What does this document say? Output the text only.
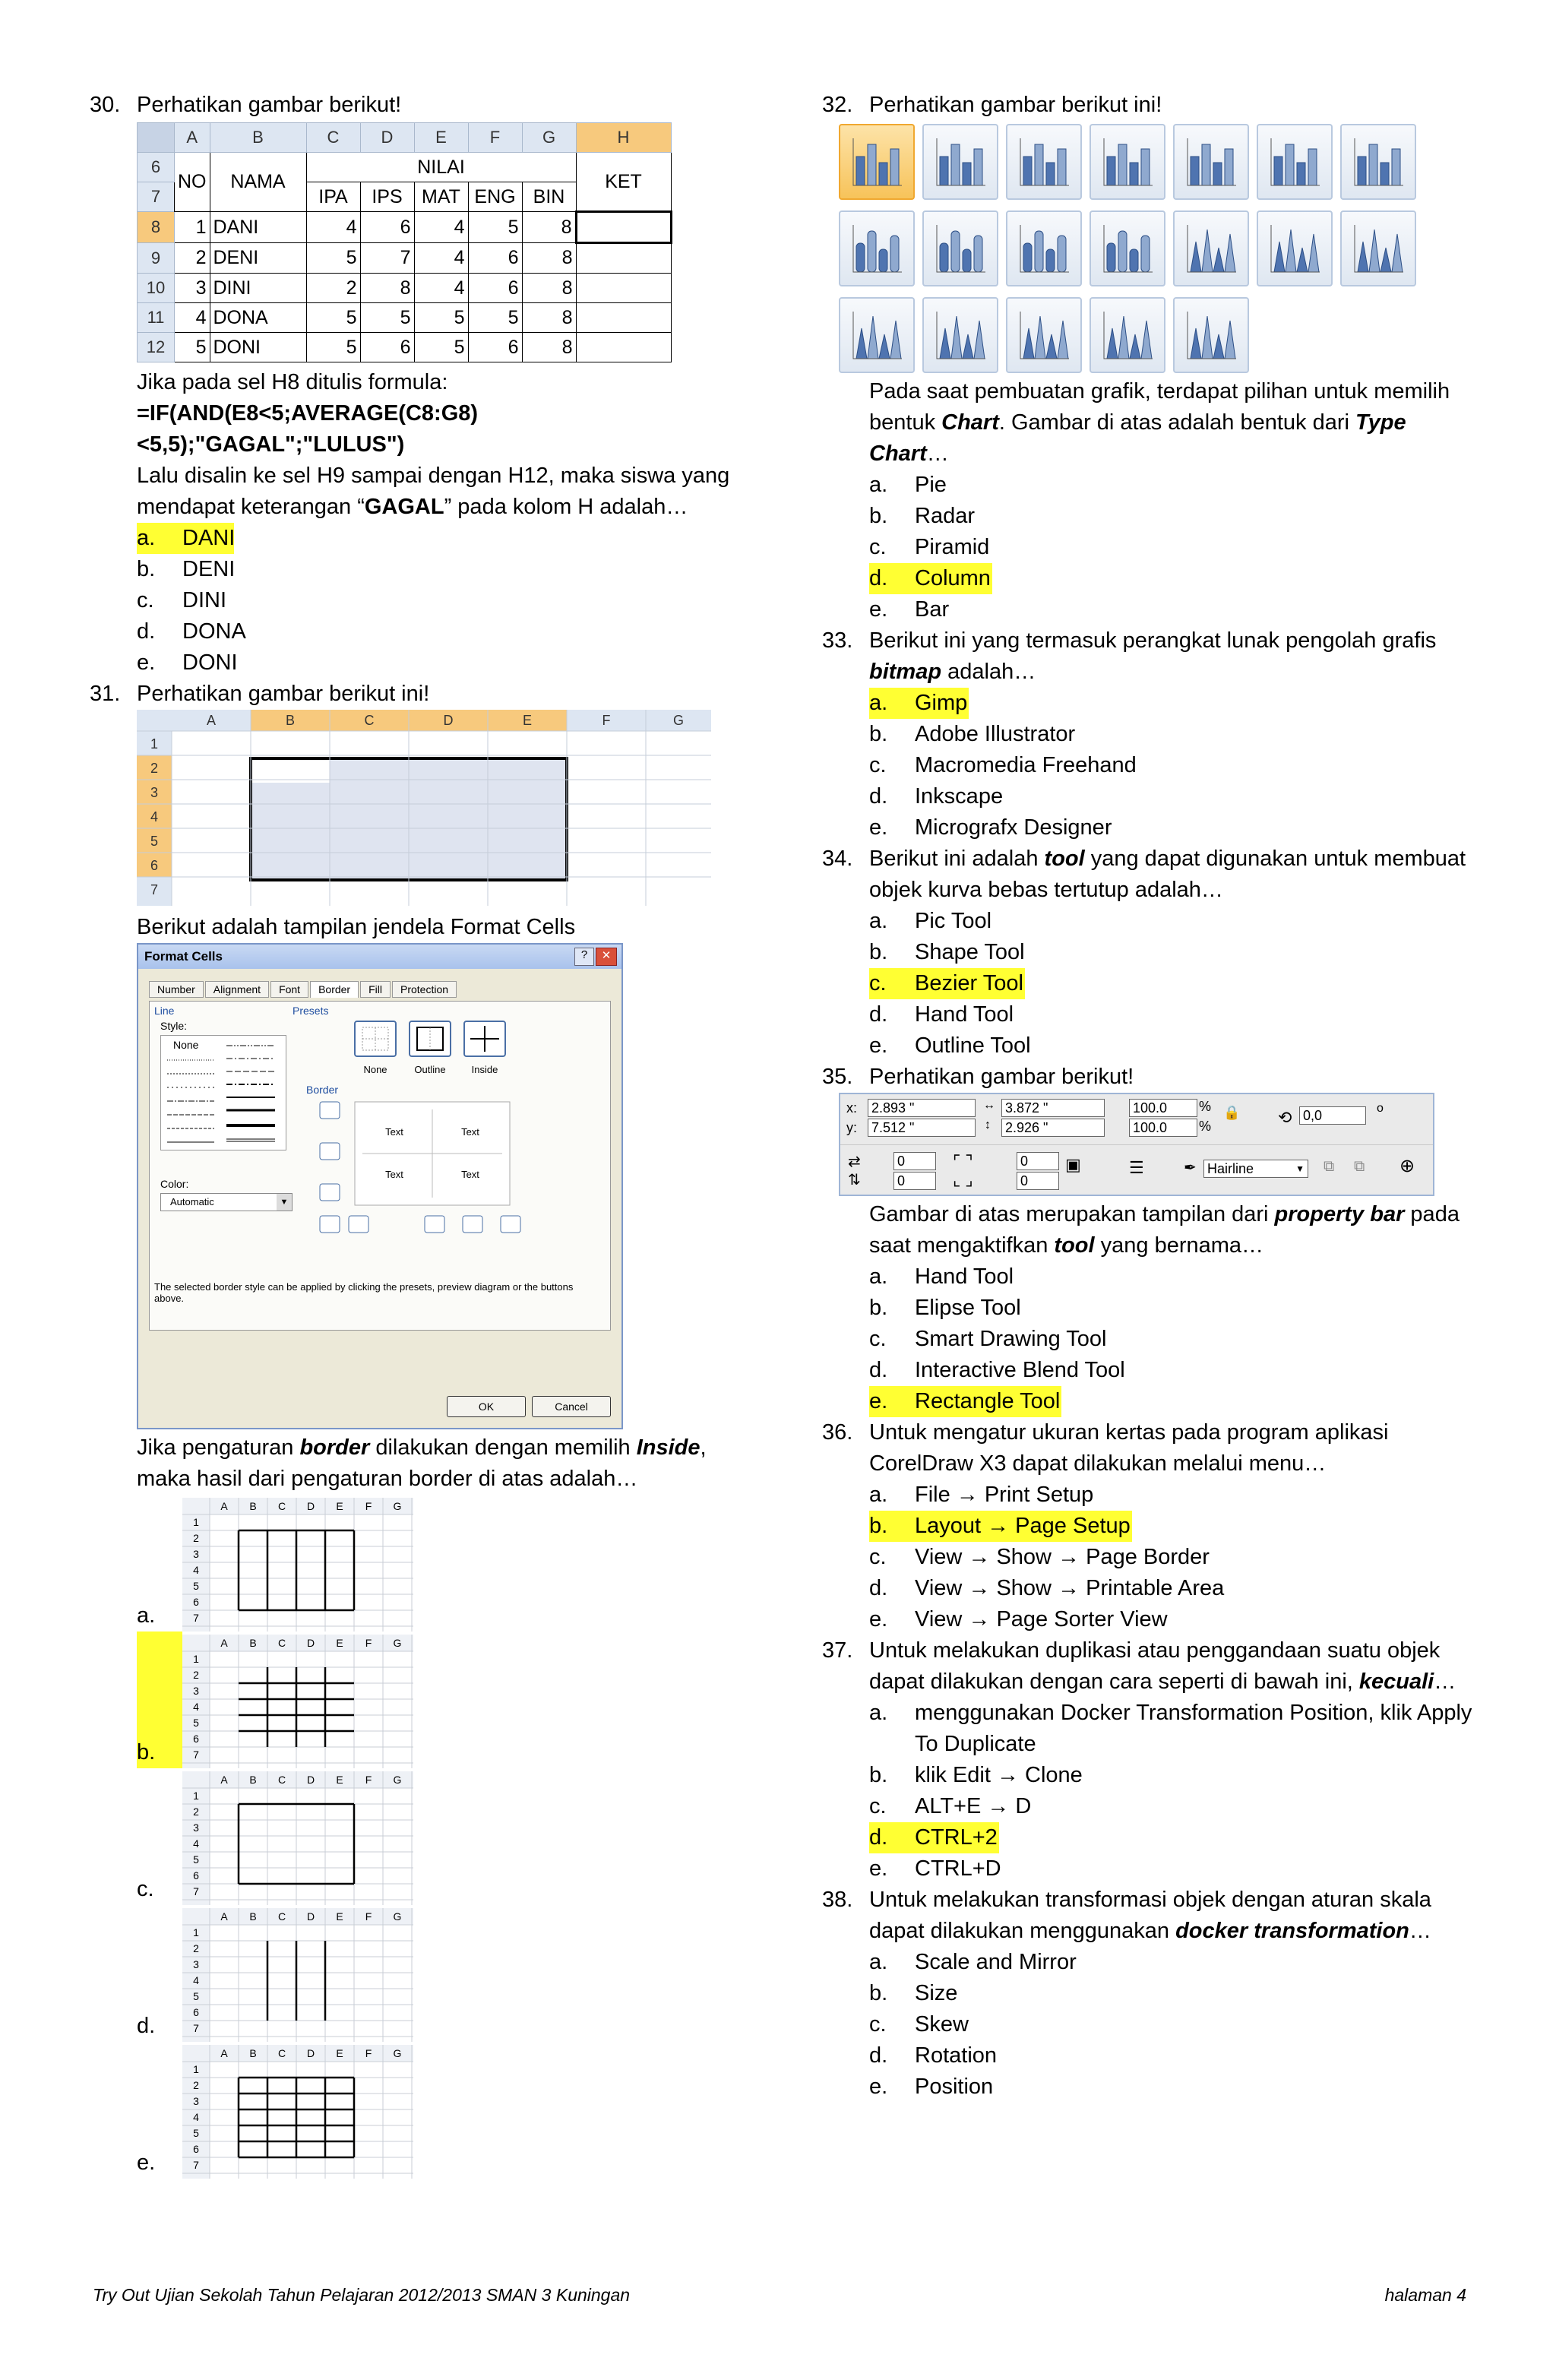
30. Perhatikan gambar berikut!
	A	B	C	D	E	F	G	H
6	NO	NAMA	NILAI					KET
7			IPA	IPS	MAT	ENG	BIN	
8	1	DANI	4	6	4	5	8	
9	2	DENI	5	7	4	6	8	
10	3	DINI	2	8	4	6	8	
11	4	DONA	5	5	5	5	8	
12	5	DONI	5	6	5	6	8	
Jika pada sel H8 ditulis formula:
=IF(AND(E8<5;AVERAGE(C8:G8)<5,5);"GAGAL";"LULUS")
Lalu disalin ke sel H9 sampai dengan H12, maka siswa yang mendapat keterangan “GAGAL” pada kolom H adalah…
a.	DANI
b.	DENI
c.	DINI
d.	DONA
e.	DONI
31. Perhatikan gambar berikut ini!
A	B	C	D	E	F	G
1
2
3
4
5
6
7
Berikut adalah tampilan jendela Format Cells
Format Cells	?	✕
Number	Alignment	Font	Border	Fill	Protection
Line
Style:
None
Color:
Automatic	▼
Presets
None	Outline	Inside
Border
Text	Text
Text	Text
The selected border style can be applied by clicking the presets, preview diagram or the buttons above.
OK	Cancel
Jika pengaturan border dilakukan dengan memilih Inside, maka hasil dari pengaturan border di atas adalah…
a.
A B C D E F G
1
2
3
4
5
6
7
b.
A B C D E F G
1
2
3
4
5
6
7
c.
A B C D E F G
1
2
3
4
5
6
7
d.
A B C D E F G
1
2
3
4
5
6
7
e.
A B C D E F G
1
2
3
4
5
6
7
32. Perhatikan gambar berikut ini!
Pada saat pembuatan grafik, terdapat pilihan untuk memilih bentuk Chart. Gambar di atas adalah bentuk dari Type Chart…
a.	Pie
b.	Radar
c.	Piramid
d.	Column
e.	Bar
33. Berikut ini yang termasuk perangkat lunak pengolah grafis bitmap adalah…
a.	Gimp
b.	Adobe Illustrator
c.	Macromedia Freehand
d.	Inkscape
e.	Micrografx Designer
34. Berikut ini adalah tool yang dapat digunakan untuk membuat objek kurva bebas tertutup adalah…
a.	Pic Tool
b.	Shape Tool
c.	Bezier Tool
d.	Hand Tool
e.	Outline Tool
35. Perhatikan gambar berikut!
x:
y:
2.893 "
7.512 "
↔
↕
3.872 "
2.926 "
100.0
100.0
%
%
🔒 ⟲ 0,0	o
⇄
⇅
0
0
⌜ ⌝
⌞ ⌟
0
0
▣	☰	✒ Hairline	▼ ⧉ ⧉ ⊕
Gambar di atas merupakan tampilan dari property bar pada saat mengaktifkan tool yang bernama…
a.	Hand Tool
b.	Elipse Tool
c.	Smart Drawing Tool
d.	Interactive Blend Tool
e.	Rectangle Tool
36. Untuk mengatur ukuran kertas pada program aplikasi CorelDraw X3 dapat dilakukan melalui menu…
a.	File → Print Setup
b.	Layout → Page Setup
c.	View → Show → Page Border
d.	View → Show → Printable Area
e.	View → Page Sorter View
37. Untuk melakukan duplikasi atau penggandaan suatu objek dapat dilakukan dengan cara seperti di bawah ini, kecuali…
a.	menggunakan Docker Transformation Position, klik Apply To Duplicate
b.	klik Edit → Clone
c.	ALT+E → D
d.	CTRL+2
e.	CTRL+D
38. Untuk melakukan transformasi objek dengan aturan skala dapat dilakukan menggunakan docker transformation…
a.	Scale and Mirror
b.	Size
c.	Skew
d.	Rotation
e.	Position
Try Out Ujian Sekolah Tahun Pelajaran 2012/2013 SMAN 3 Kuningan	halaman 4
